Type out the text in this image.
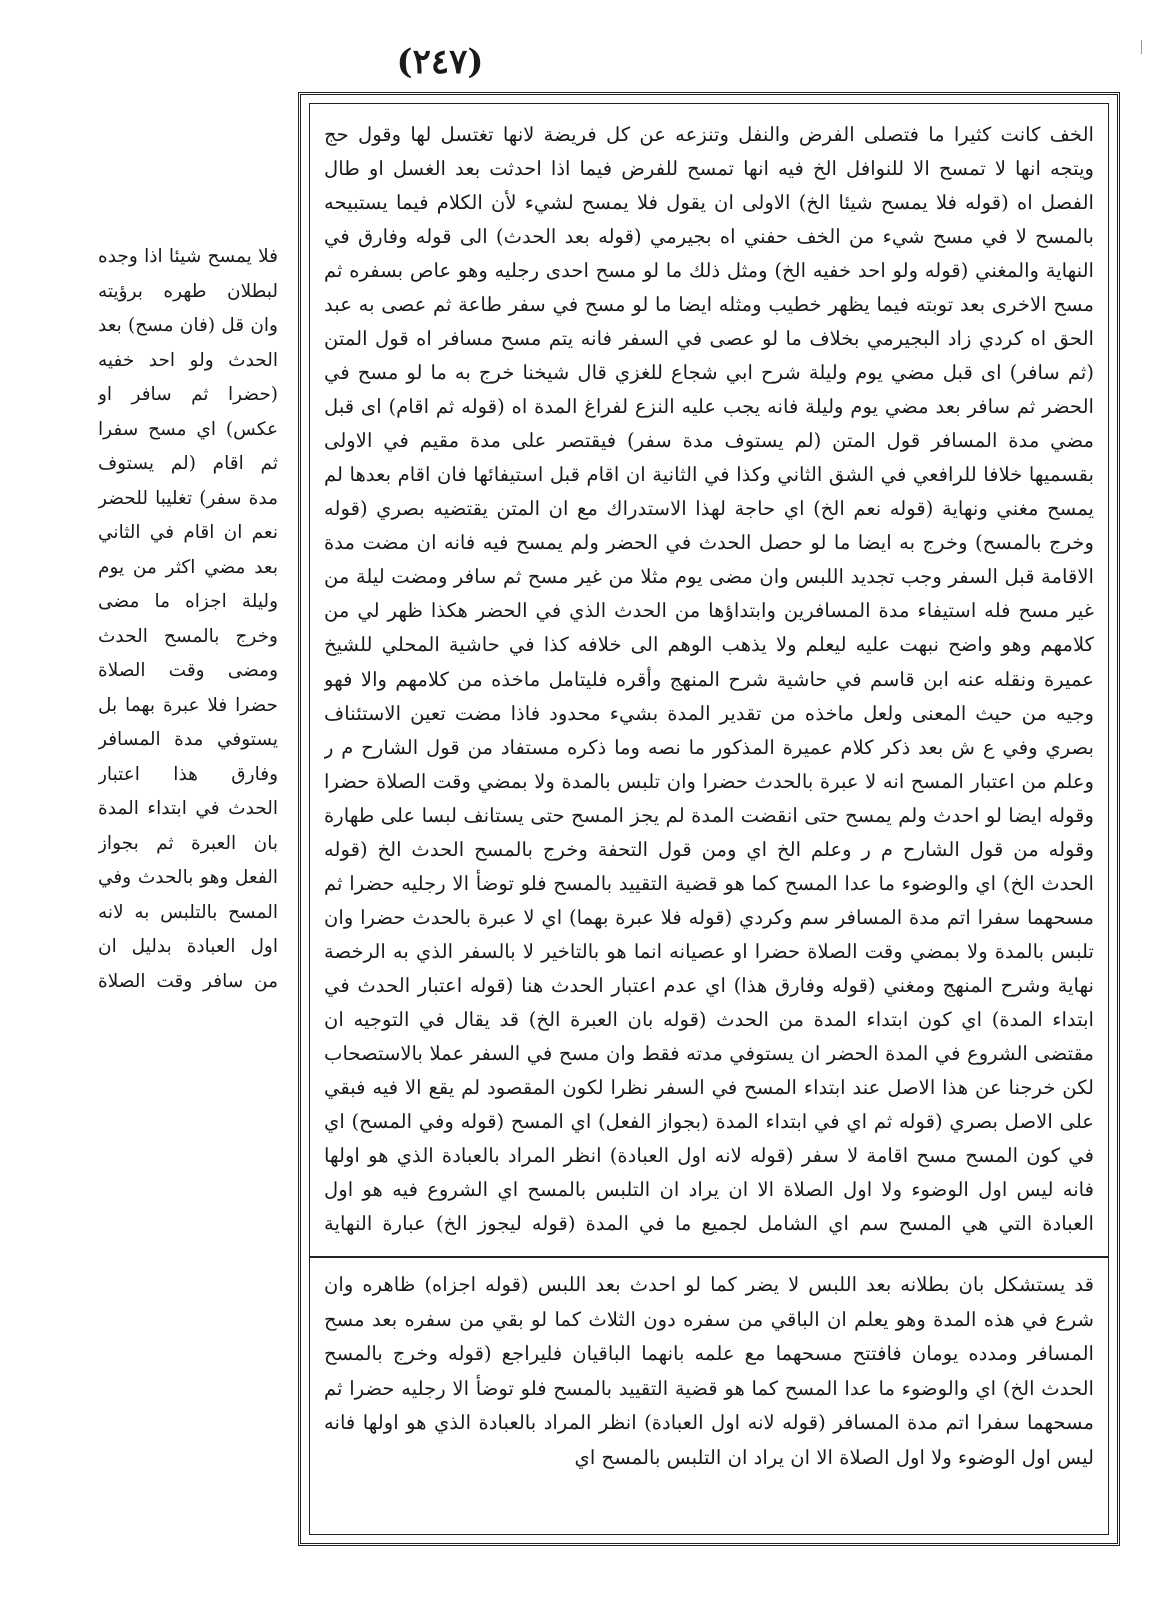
(٢٤٧)
الخف كانت كثيرا ما فتصلى الفرض والنفل وتنزعه عن كل فريضة لانها تغتسل لها وقول حج ويتجه انها لا تمسح الا للنوافل الخ فيه انها تمسح للفرض فيما اذا احدثت بعد الغسل او طال الفصل اه (قوله فلا يمسح شيئا الخ) الاولى ان يقول فلا يمسح لشيء لأن الكلام فيما يستبيحه بالمسح لا في مسح شيء من الخف حفني اه بجيرمي (قوله بعد الحدث) الى قوله وفارق في النهاية والمغني (قوله ولو احد خفيه الخ) ومثل ذلك ما لو مسح احدى رجليه وهو عاص بسفره ثم مسح الاخرى بعد توبته فيما يظهر خطيب ومثله ايضا ما لو مسح في سفر طاعة ثم عصى به عبد الحق اه كردي زاد البجيرمي بخلاف ما لو عصى في السفر فانه يتم مسح مسافر اه قول المتن (ثم سافر) اى قبل مضي يوم وليلة شرح ابي شجاع للغزي قال شيخنا خرج به ما لو مسح في الحضر ثم سافر بعد مضي يوم وليلة فانه يجب عليه النزع لفراغ المدة اه (قوله ثم اقام) اى قبل مضي مدة المسافر قول المتن (لم يستوف مدة سفر) فيقتصر على مدة مقيم في الاولى بقسميها خلافا للرافعي في الشق الثاني وكذا في الثانية ان اقام قبل استيفائها فان اقام بعدها لم يمسح مغني ونهاية (قوله نعم الخ) اي حاجة لهذا الاستدراك مع ان المتن يقتضيه بصري (قوله وخرج بالمسح) وخرج به ايضا ما لو حصل الحدث في الحضر ولم يمسح فيه فانه ان مضت مدة الاقامة قبل السفر وجب تجديد اللبس وان مضى يوم مثلا من غير مسح ثم سافر ومضت ليلة من غير مسح فله استيفاء مدة المسافرين وابتداؤها من الحدث الذي في الحضر هكذا ظهر لي من كلامهم وهو واضح نبهت عليه ليعلم ولا يذهب الوهم الى خلافه كذا في حاشية المحلي للشيخ عميرة ونقله عنه ابن قاسم في حاشية شرح المنهج وأقره فليتامل ماخذه من كلامهم والا فهو وجيه من حيث المعنى ولعل ماخذه من تقدير المدة بشيء محدود فاذا مضت تعين الاستئناف بصري وفي ع ش بعد ذكر كلام عميرة المذكور ما نصه وما ذكره مستفاد من قول الشارح م ر وعلم من اعتبار المسح انه لا عبرة بالحدث حضرا وان تلبس بالمدة ولا بمضي وقت الصلاة حضرا وقوله ايضا لو احدث ولم يمسح حتى انقضت المدة لم يجز المسح حتى يستانف لبسا على طهارة وقوله من قول الشارح م ر وعلم الخ اي ومن قول التحفة وخرج بالمسح الحدث الخ (قوله الحدث الخ) اي والوضوء ما عدا المسح كما هو قضية التقييد بالمسح فلو توضأ الا رجليه حضرا ثم مسحهما سفرا اتم مدة المسافر سم وكردي (قوله فلا عبرة بهما) اي لا عبرة بالحدث حضرا وان تلبس بالمدة ولا بمضي وقت الصلاة حضرا او عصيانه انما هو بالتاخير لا بالسفر الذي به الرخصة نهاية وشرح المنهج ومغني (قوله وفارق هذا) اي عدم اعتبار الحدث هنا (قوله اعتبار الحدث في ابتداء المدة) اي كون ابتداء المدة من الحدث (قوله بان العبرة الخ) قد يقال في التوجيه ان مقتضى الشروع في المدة الحضر ان يستوفي مدته فقط وان مسح في السفر عملا بالاستصحاب لكن خرجنا عن هذا الاصل عند ابتداء المسح في السفر نظرا لكون المقصود لم يقع الا فيه فبقي على الاصل بصري (قوله ثم اي في ابتداء المدة (بجواز الفعل) اي المسح (قوله وفي المسح) اي في كون المسح مسح اقامة لا سفر (قوله لانه اول العبادة) انظر المراد بالعبادة الذي هو اولها فانه ليس اول الوضوء ولا اول الصلاة الا ان يراد ان التلبس بالمسح اي الشروع فيه هو اول العبادة التي هي المسح سم اي الشامل لجميع ما في المدة (قوله ليجوز الخ) عبارة النهاية
قد يستشكل بان بطلانه بعد اللبس لا يضر كما لو احدث بعد اللبس (قوله اجزاه) ظاهره وان شرع في هذه المدة وهو يعلم ان الباقي من سفره دون الثلاث كما لو بقي من سفره بعد مسح المسافر ومدده يومان فافتتح مسحهما مع علمه بانهما الباقيان فليراجع (قوله وخرج بالمسح الحدث الخ) اي والوضوء ما عدا المسح كما هو قضية التقييد بالمسح فلو توضأ الا رجليه حضرا ثم مسحهما سفرا اتم مدة المسافر (قوله لانه اول العبادة) انظر المراد بالعبادة الذي هو اولها فانه ليس اول الوضوء ولا اول الصلاة الا ان يراد ان التلبس بالمسح اي
فلا يمسح شيئا اذا وجده لبطلان طهره برؤيته وان قل (فان مسح) بعد الحدث ولو احد خفيه (حضرا ثم سافر او عكس) اي مسح سفرا ثم اقام (لم يستوف مدة سفر) تغليبا للحضر نعم ان اقام في الثاني بعد مضي اكثر من يوم وليلة اجزاه ما مضى وخرج بالمسح الحدث ومضى وقت الصلاة حضرا فلا عبرة بهما بل يستوفي مدة المسافر وفارق هذا اعتبار الحدث في ابتداء المدة بان العبرة ثم بجواز الفعل وهو بالحدث وفي المسح بالتلبس به لانه اول العبادة بدليل ان من سافر وقت الصلاة
